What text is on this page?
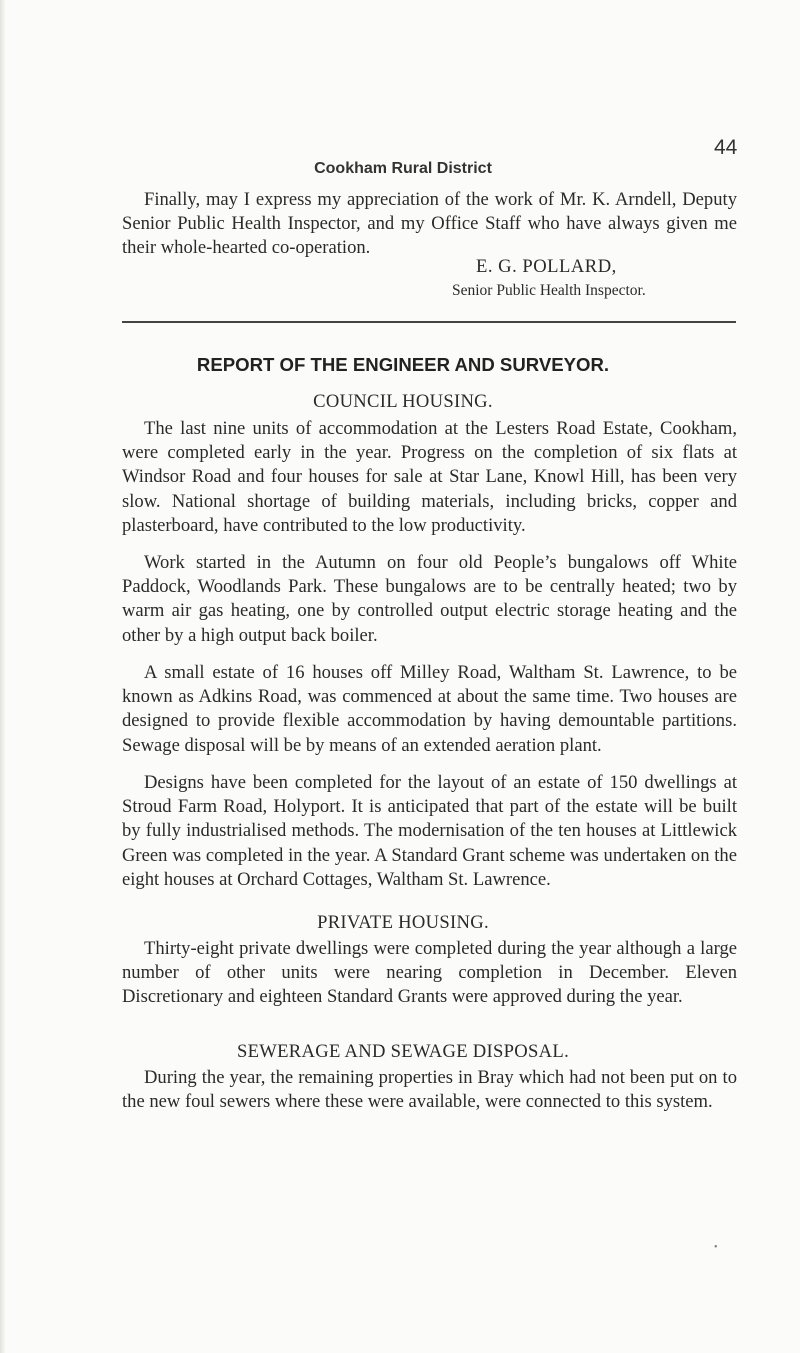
44
Cookham Rural District

Finally, may I express my appreciation of the work of Mr. K. Arndell, Deputy Senior Public Health Inspector, and my Office Staff who have always given me their whole-hearted co-operation.

E. G. POLLARD,
Senior Public Health Inspector.
REPORT OF THE ENGINEER AND SURVEYOR.
COUNCIL HOUSING.

The last nine units of accommodation at the Lesters Road Estate, Cookham, were completed early in the year. Progress on the completion of six flats at Windsor Road and four houses for sale at Star Lane, Knowl Hill, has been very slow. National shortage of building materials, including bricks, copper and plasterboard, have contributed to the low productivity.

Work started in the Autumn on four old People’s bungalows off White Paddock, Woodlands Park. These bungalows are to be centrally heated; two by warm air gas heating, one by controlled output electric storage heating and the other by a high output back boiler.

A small estate of 16 houses off Milley Road, Waltham St. Lawrence, to be known as Adkins Road, was commenced at about the same time. Two houses are designed to provide flexible accommodation by having demountable partitions. Sewage disposal will be by means of an extended aeration plant.

Designs have been completed for the layout of an estate of 150 dwellings at Stroud Farm Road, Holyport. It is anticipated that part of the estate will be built by fully industrialised methods. The modernisation of the ten houses at Littlewick Green was completed in the year. A Standard Grant scheme was undertaken on the eight houses at Orchard Cottages, Waltham St. Lawrence.

PRIVATE HOUSING.

Thirty-eight private dwellings were completed during the year although a large number of other units were nearing completion in December. Eleven Discretionary and eighteen Standard Grants were approved during the year.

SEWERAGE AND SEWAGE DISPOSAL.

During the year, the remaining properties in Bray which had not been put on to the new foul sewers where these were available, were connected to this system.

•
